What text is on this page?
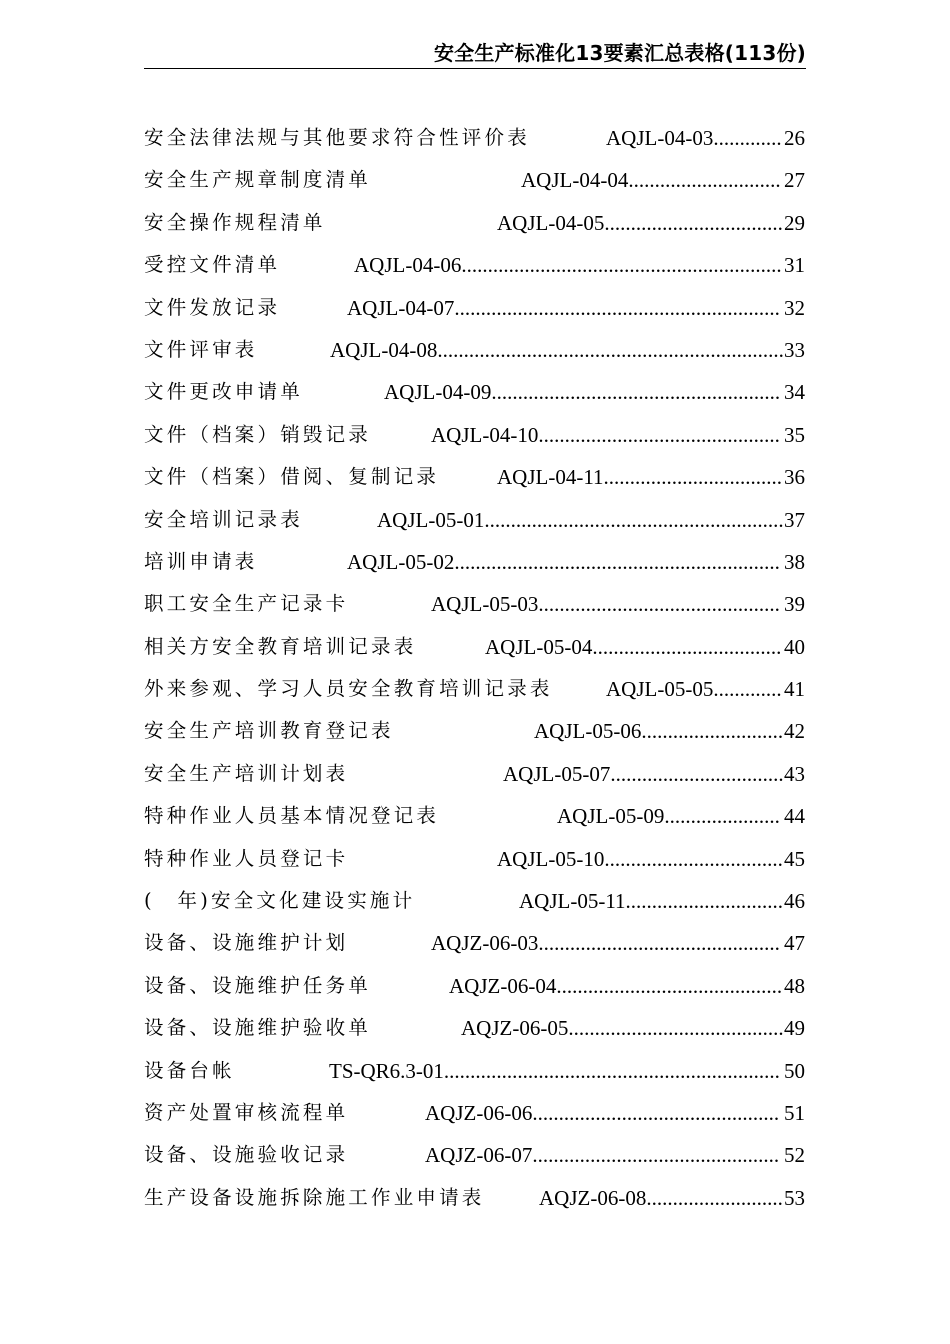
安全生产标准化13要素汇总表格(113份)
安全法律法规与其他要求符合性评价表	AQJL-04-03 ............. 26
安全生产规章制度清单	AQJL-04-04 ............................. 27
安全操作规程清单	AQJL-04-05 .................................. 29
受控文件清单	AQJL-04-06 ............................................................. 31
文件发放记录	AQJL-04-07 .............................................................. 32
文件评审表	AQJL-04-08 .................................................................. 33
文件更改申请单	AQJL-04-09 ....................................................... 34
文件（档案）销毁记录	AQJL-04-10 .............................................. 35
文件（档案）借阅、复制记录	AQJL-04-11 .................................. 36
安全培训记录表	AQJL-05-01 ......................................................... 37
培训申请表	AQJL-05-02 .............................................................. 38
职工安全生产记录卡	AQJL-05-03 .............................................. 39
相关方安全教育培训记录表	AQJL-05-04 .................................... 40
外来参观、学习人员安全教育培训记录表	AQJL-05-05 ............. 41
安全生产培训教育登记表	AQJL-05-06 ........................... 42
安全生产培训计划表	AQJL-05-07 ................................. 43
特种作业人员基本情况登记表	AQJL-05-09 ...................... 44
特种作业人员登记卡	AQJL-05-10 .................................. 45
(　年)安全文化建设实施计	AQJL-05-11 .............................. 46
设备、设施维护计划	AQJZ-06-03 .............................................. 47
设备、设施维护任务单	AQJZ-06-04 ........................................... 48
设备、设施维护验收单	AQJZ-06-05 ......................................... 49
设备台帐	TS-QR6.3-01 ................................................................ 50
资产处置审核流程单	AQJZ-06-06 ............................................... 51
设备、设施验收记录	AQJZ-06-07 ............................................... 52
生产设备设施拆除施工作业申请表	AQJZ-06-08 .......................... 53
